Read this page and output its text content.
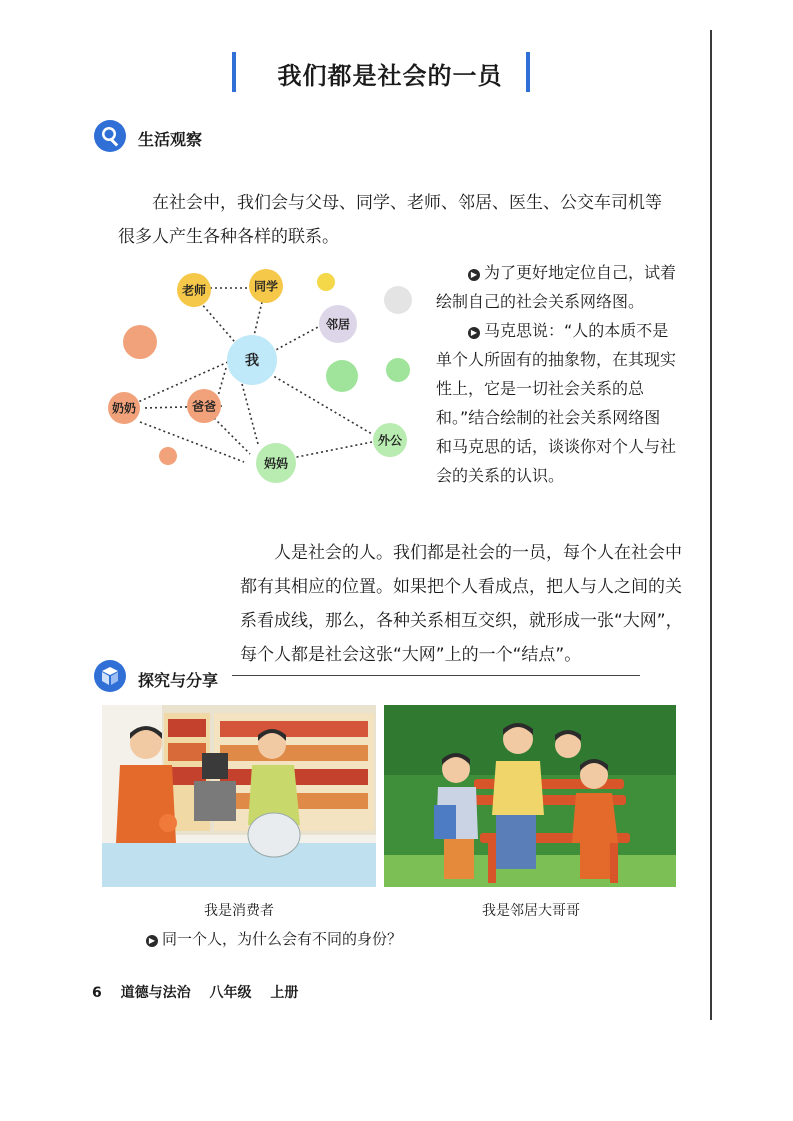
我们都是社会的一员
生活观察
在社会中，我们会与父母、同学、老师、邻居、医生、公交车司机等很多人产生各种各样的联系。
老师	同学
邻居
我
爸爸
奶奶
妈妈
外公

▶ 为了更好地定位自己，试着绘制自己的社会关系网络图。

▶ 马克思说：“人的本质不是单个人所固有的抽象物，在其现实性上，它是一切社会关系的总和。”结合绘制的社会关系网络图和马克思的话，谈谈你对个人与社会的关系的认识。

人是社会的人。我们都是社会的一员，每个人在社会中都有其相应的位置。如果把个人看成点，把人与人之间的关系看成线，那么，各种关系相互交织，就形成一张“大网”，每个人都是社会这张“大网”上的一个“结点”。
探究与分享
我是消费者	我是邻居大哥哥
▶ 同一个人，为什么会有不同的身份？
6 道德与法治 八年级 上册
